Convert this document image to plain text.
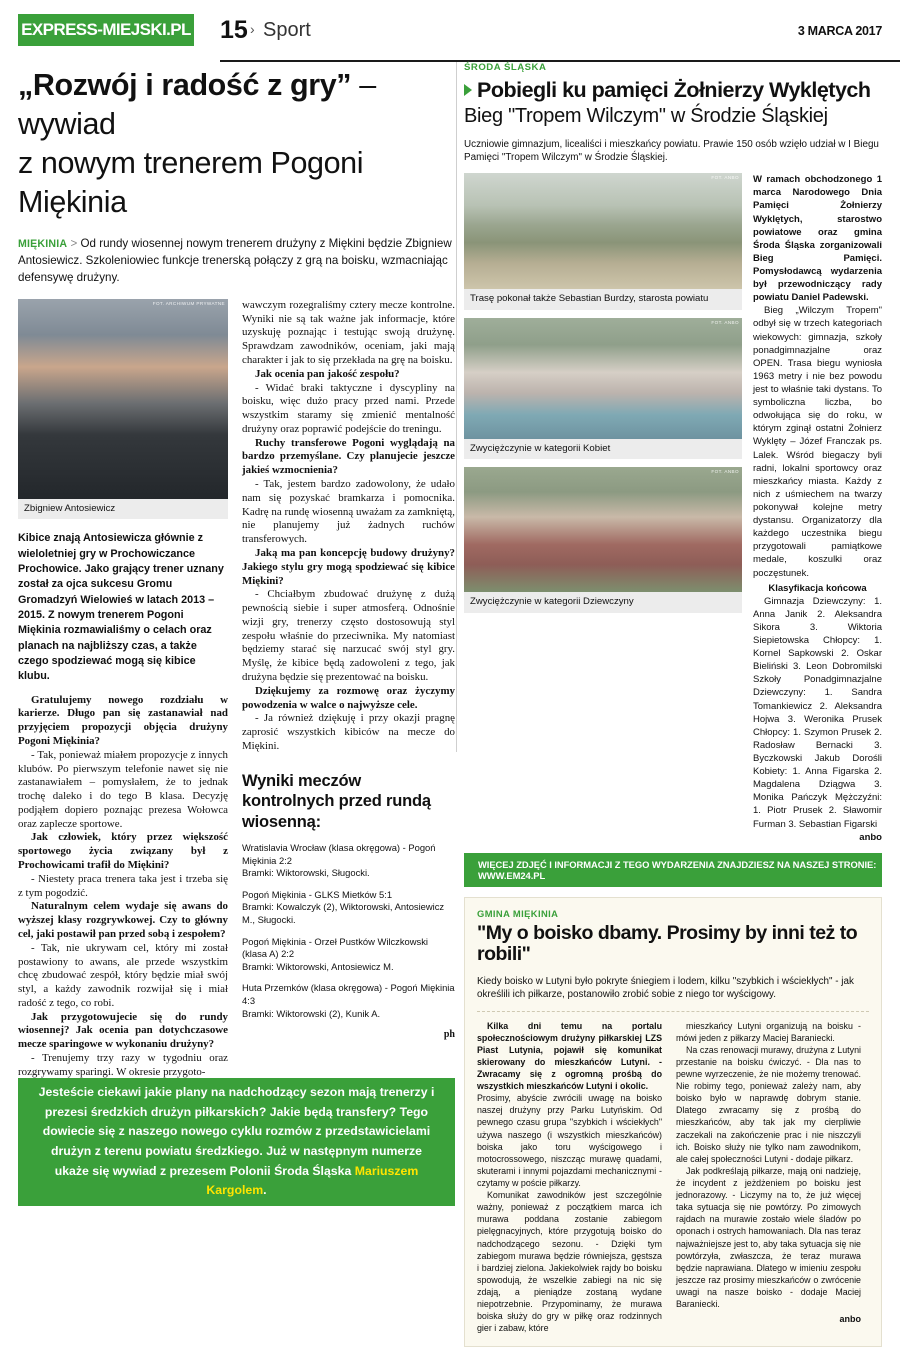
EXPRESS-MIEJSKI.PL 15 › Sport	3 MARCA 2017
„Rozwój i radość z gry” – wywiad
z nowym trenerem Pogoni Miękinia
MIĘKINIA > Od rundy wiosennej nowym trenerem drużyny z Miękini będzie Zbigniew Antosiewicz. Szkoleniowiec funkcje trenerską połączy z grą na boisku, wzmacniając defensywę drużyny.
FOT. ARCHIWUM PRYWATNE
Zbigniew Antosiewicz
Kibice znają Antosiewicza głównie z wieloletniej gry w Prochowiczance Prochowice. Jako grający trener uznany został za ojca sukcesu Gromu Gromadzyń Wielowieś w latach 2013 – 2015. Z nowym trenerem Pogoni Miękinia rozmawialiśmy o celach oraz planach na najbliższy czas, a także czego spodziewać mogą się kibice klubu.

Gratulujemy nowego rozdziału w karierze. Długo pan się zastanawiał nad przyjęciem propozycji objęcia drużyny Pogoni Miękinia?

- Tak, ponieważ miałem propozycje z innych klubów. Po pierwszym telefonie nawet się nie zastanawiałem – pomysłałem, że to jednak trochę daleko i do tego B klasa. Decyzję podjąłem dopiero poznając prezesa Wołowca oraz zaplecze sportowe.

Jak człowiek, który przez większość sportowego życia związany był z Prochowicami trafił do Miękini?

- Niestety praca trenera taka jest i trzeba się z tym pogodzić.

Naturalnym celem wydaje się awans do wyższej klasy rozgrywkowej. Czy to główny cel, jaki postawił pan przed sobą i zespołem?

- Tak, nie ukrywam cel, który mi został postawiony to awans, ale przede wszystkim chcę zbudować zespół, który będzie miał swój styl, a każdy zawodnik rozwijał się i miał radość z tego, co robi.

Jak przygotowujecie się do rundy wiosennej? Jak ocenia pan dotychczasowe mecze sparingowe w wykonaniu drużyny?

- Trenujemy trzy razy w tygodniu oraz rozgrywamy sparingi. W okresie przygoto-

wawczym rozegraliśmy cztery mecze kontrolne. Wyniki nie są tak ważne jak informacje, które uzyskuję poznając i testując swoją drużynę. Sprawdzam zawodników, oceniam, jaki mają charakter i jak to się przekłada na grę na boisku.

Jak ocenia pan jakość zespołu?

- Widać braki taktyczne i dyscypliny na boisku, więc dużo pracy przed nami. Przede wszystkim staramy się zmienić mentalność drużyny oraz poprawić podejście do treningu.

Ruchy transferowe Pogoni wyglądają na bardzo przemyślane. Czy planujecie jeszcze jakieś wzmocnienia?

- Tak, jestem bardzo zadowolony, że udało nam się pozyskać bramkarza i pomocnika. Kadrę na rundę wiosenną uważam za zamkniętą, nie planujemy już żadnych ruchów transferowych.

Jaką ma pan koncepcję budowy drużyny? Jakiego stylu gry mogą spodziewać się kibice Miękini?

- Chciałbym zbudować drużynę z dużą pewnością siebie i super atmosferą. Odnośnie wizji gry, trenerzy często dostosowują styl zespołu właśnie do przeciwnika. My natomiast będziemy starać się narzucać swój styl gry. Myślę, że kibice będą zadowoleni z tego, jak drużyna będzie się prezentować na boisku.

Dziękujemy za rozmowę oraz życzymy powodzenia w walce o najwyższe cele.

- Ja również dziękuję i przy okazji pragnę zaprosić wszystkich kibiców na mecze do Miękini.

Wyniki meczów kontrolnych przed rundą wiosenną:
Wratislavia Wrocław (klasa okręgowa) - Pogoń Miękinia 2:2
Bramki: Wiktorowski, Sługocki.
Pogoń Miękinia - GLKS Mietków 5:1
Bramki: Kowalczyk (2), Wiktorowski, Antosiewicz M., Sługocki.
Pogoń Miękinia - Orzeł Pustków Wilczkowski (klasa A) 2:2
Bramki: Wiktorowski, Antosiewicz M.
Huta Przemków (klasa okręgowa) - Pogoń Miękinia 4:3
Bramki: Wiktorowski (2), Kunik A.
ph
ŚRODA ŚLĄSKA
Pobiegli ku pamięci Żołnierzy Wyklętych
Bieg "Tropem Wilczym" w Środzie Śląskiej
Uczniowie gimnazjum, licealiści i mieszkańcy powiatu. Prawie 150 osób wzięło udział w I Biegu Pamięci "Tropem Wilczym" w Środzie Śląskiej.
FOT. ANBO
Trasę pokonał także Sebastian Burdzy, starosta powiatu
FOT. ANBO
Zwyciężczynie w kategorii Kobiet
FOT. ANBO
Zwyciężczynie w kategorii Dziewczyny

W ramach obchodzonego 1 marca Narodowego Dnia Pamięci Żołnierzy Wyklętych, starostwo powiatowe oraz gmina Środa Śląska zorganizowali Bieg Pamięci. Pomysłodawcą wydarzenia był przewodniczący rady powiatu Daniel Padewski.

Bieg „Wilczym Tropem" odbył się w trzech kategoriach wiekowych: gimnazja, szkoły ponadgimnazjalne oraz OPEN. Trasa biegu wyniosła 1963 metry i nie bez powodu jest to właśnie taki dystans. To symboliczna liczba, bo odwołująca się do roku, w którym zginął ostatni Żołnierz Wyklęty – Józef Franczak ps. Lalek. Wśród biegaczy byli radni, lokalni sportowcy oraz mieszkańcy miasta. Każdy z nich z uśmiechem na twarzy pokonywał kolejne metry dystansu. Organizatorzy dla każdego uczestnika biegu przygotowali pamiątkowe medale, koszulki oraz poczęstunek.

Klasyfikacja końcowa

Gimnazja Dziewczyny: 1. Anna Janik 2. Aleksandra Sikora 3. Wiktoria Siepietowska Chłopcy: 1. Kornel Sapkowski 2. Oskar Bieliński 3. Leon Dobromilski Szkoły Ponadgimnazjalne Dziewczyny: 1. Sandra Tomankiewicz 2. Aleksandra Hojwa 3. Weronika Prusek Chłopcy: 1. Szymon Prusek 2. Radosław Bernacki 3. Byczkowski Jakub Dorośli Kobiety: 1. Anna Figarska 2. Magdalena Dziągwa 3. Monika Pańczyk Mężczyźni: 1. Piotr Prusek 2. Sławomir Furman 3. Sebastian Figarski

anbo

WIĘCEJ ZDJĘĆ I INFORMACJI Z TEGO WYDARZENIA ZNAJDZIESZ NA NASZEJ STRONIE: WWW.EM24.PL
GMINA MIĘKINIA
"My o boisko dbamy. Prosimy by inni też to robili"
Kiedy boisko w Lutyni było pokryte śniegiem i lodem, kilku "szybkich i wściekłych" - jak określili ich piłkarze, postanowiło zrobić sobie z niego tor wyścigowy.

Kilka dni temu na portalu społecznościowym drużyny piłkarskiej LZS Piast Lutynia, pojawił się komunikat skierowany do mieszkańców Lutyni. - Zwracamy się z ogromną prośbą do wszystkich mieszkańców Lutyni i okolic.

Prosimy, abyście zwrócili uwagę na boisko naszej drużyny przy Parku Lutyńskim. Od pewnego czasu grupa "szybkich i wściekłych" używa naszego (i wszystkich mieszkańców) boiska jako toru wyścigowego i motocrossowego, niszcząc murawę quadami, skuterami i innymi pojazdami mechanicznymi - czytamy w poście piłkarzy.

Komunikat zawodników jest szczególnie ważny, ponieważ z początkiem marca ich murawa poddana zostanie zabiegom pielęgnacyjnych, które przygotują boisko do nadchodzącego sezonu. - Dzięki tym zabiegom murawa będzie równiejsza, gęstsza i bardziej zielona. Jakiekolwiek rajdy bo boisku spowodują, że wszelkie zabiegi na nic się zdają, a pieniądze zostaną wydane niepotrzebnie. Przypominamy, że murawa boiska służy do gry w piłkę oraz rodzinnych gier i zabaw, które

mieszkańcy Lutyni organizują na boisku - mówi jeden z piłkarzy Maciej Baraniecki.

Na czas renowacji murawy, drużyna z Lutyni przestanie na boisku ćwiczyć. - Dla nas to pewne wyrzeczenie, że nie możemy trenować. Nie robimy tego, ponieważ zależy nam, aby boisko było w naprawdę dobrym stanie. Dlatego zwracamy się z prośbą do mieszkańców, aby tak jak my cierpliwie zaczekali na zakończenie prac i nie niszczyli ich. Boisko służy nie tylko nam zawodnikom, ale całej społeczności Lutyni - dodaje piłkarz.

Jak podkreślają piłkarze, mają oni nadzieję, że incydent z jeżdżeniem po boisku jest jednorazowy. - Liczymy na to, że już więcej taka sytuacja się nie powtórzy. Po zimowych rajdach na murawie zostało wiele śladów po oponach i ostrych hamowaniach. Dla nas teraz najważniejsze jest to, aby taka sytuacja się nie powtórzyła, zwłaszcza, że teraz murawa będzie naprawiana. Dlatego w imieniu zespołu jeszcze raz prosimy mieszkańców o zwrócenie uwagi na nasze boisko - dodaje Maciej Baraniecki.

anbo
Jesteście ciekawi jakie plany na nadchodzący sezon mają trenerzy i prezesi średzkich drużyn piłkarskich? Jakie będą transfery? Tego dowiecie się z naszego nowego cyklu rozmów z przedstawicielami drużyn z terenu powiatu średzkiego. Już w następnym numerze ukaże się wywiad z prezesem Polonii Środa Śląska Mariuszem Kargolem.
